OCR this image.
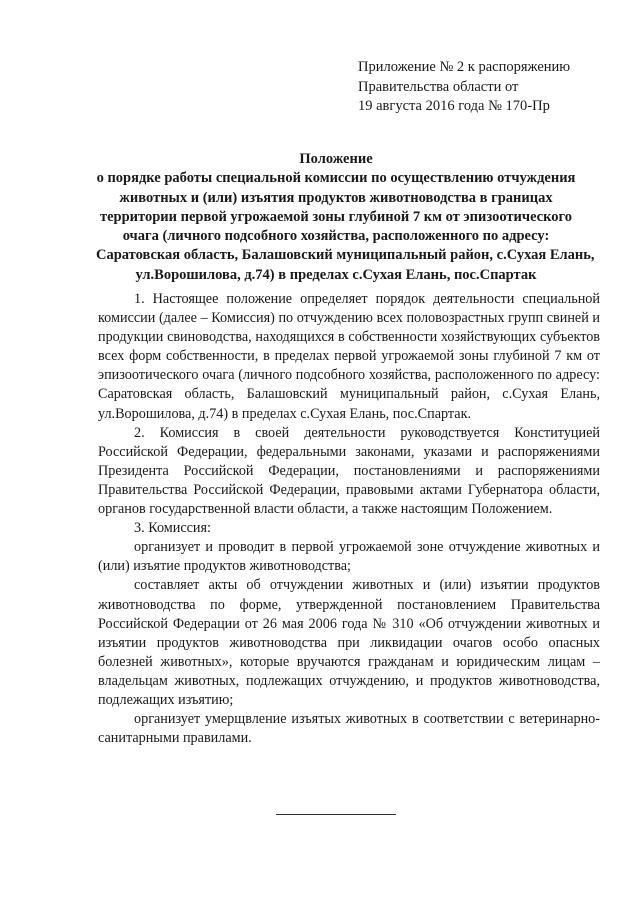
Приложение № 2 к распоряжению
Правительства области от
19 августа 2016 года № 170-Пр
Положение
о порядке работы специальной комиссии по осуществлению отчуждения
животных и (или) изъятия продуктов животноводства в границах
территории первой угрожаемой зоны глубиной 7 км от эпизоотического
очага (личного подсобного хозяйства, расположенного по адресу:
Саратовская область, Балашовский муниципальный район, с.Сухая Елань,
ул.Ворошилова, д.74) в пределах с.Сухая Елань, пос.Спартак

1. Настоящее положение определяет порядок деятельности специальной комиссии (далее – Комиссия) по отчуждению всех половозрастных групп свиней и продукции свиноводства, находящихся в собственности хозяйствующих субъектов всех форм собственности, в пределах первой угрожаемой зоны глубиной 7 км от эпизоотического очага (личного подсобного хозяйства, расположенного по адресу: Саратовская область, Балашовский муниципальный район, с.Сухая Елань, ул.Ворошилова, д.74) в пределах с.Сухая Елань, пос.Спартак.

2. Комиссия в своей деятельности руководствуется Конституцией Российской Федерации, федеральными законами, указами и распоряжениями Президента Российской Федерации, постановлениями и распоряжениями Правительства Российской Федерации, правовыми актами Губернатора области, органов государственной власти области, а также настоящим Положением.

3. Комиссия:

организует и проводит в первой угрожаемой зоне отчуждение животных и (или) изъятие продуктов животноводства;

составляет акты об отчуждении животных и (или) изъятии продуктов животноводства по форме, утвержденной постановлением Правительства Российской Федерации от 26 мая 2006 года № 310 «Об отчуждении животных и изъятии продуктов животноводства при ликвидации очагов особо опасных болезней животных», которые вручаются гражданам и юридическим лицам – владельцам животных, подлежащих отчуждению, и продуктов животноводства, подлежащих изъятию;

организует умерщвление изъятых животных в соответствии с ветеринарно-санитарными правилами.
